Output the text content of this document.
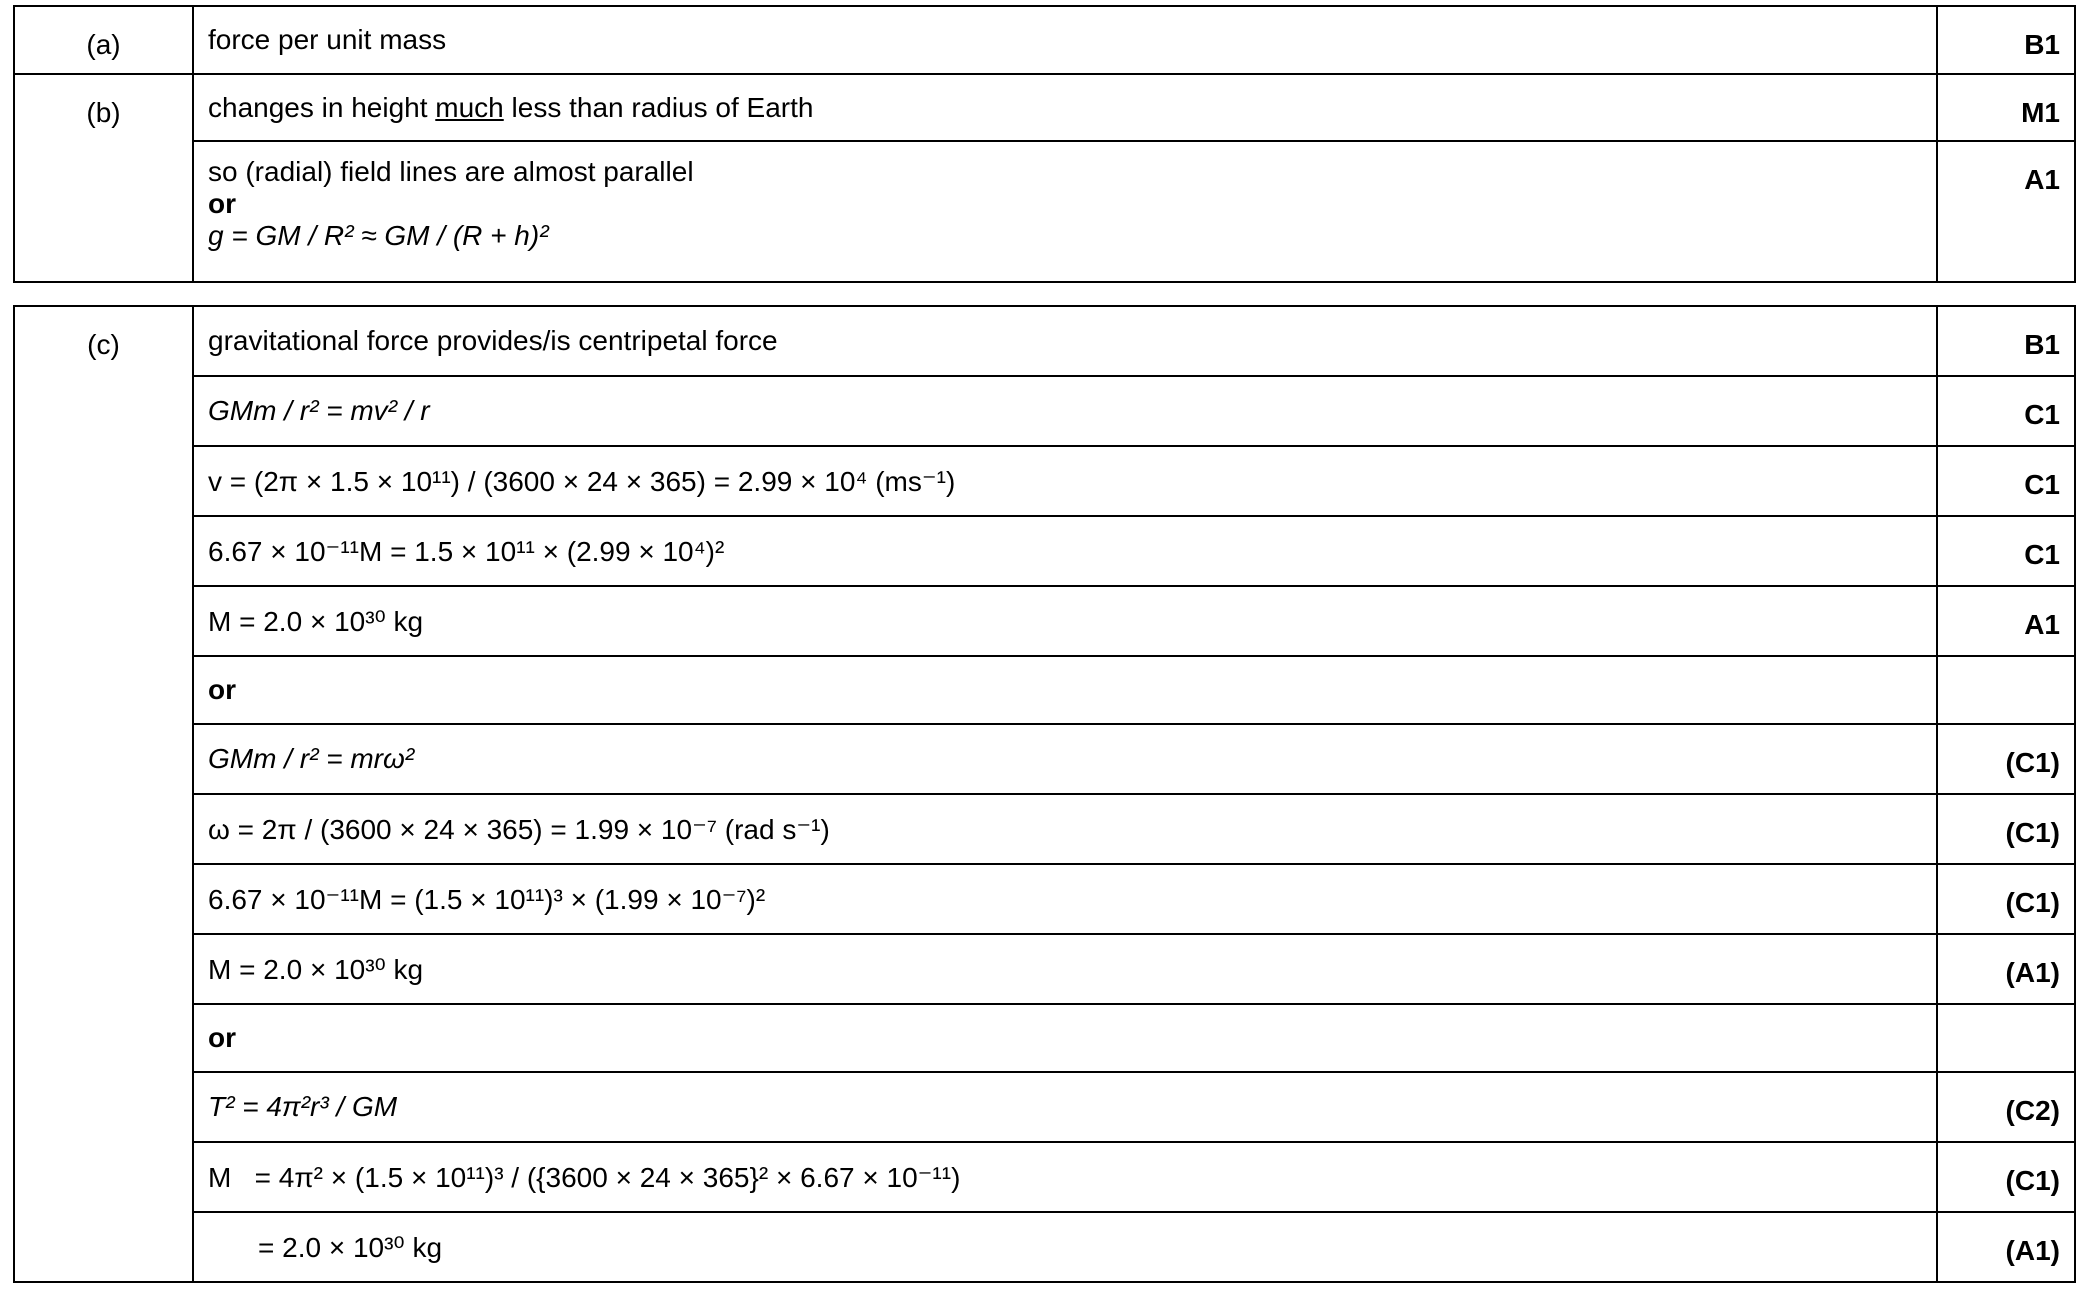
(a)	force per unit mass	B1
(b)	changes in height much less than radius of Earth	M1

	so (radial) field lines are almost parallel
or
g = GM / R² ≈ GM / (R + h)²	A1
(c)	gravitational force provides/is centripetal force	B1
	GMm / r² = mv² / r	C1
	v = (2π × 1.5 × 10¹¹) / (3600 × 24 × 365) = 2.99 × 10⁴ (ms⁻¹)	C1
	6.67 × 10⁻¹¹M = 1.5 × 10¹¹ × (2.99 × 10⁴)²	C1
	M = 2.0 × 10³⁰ kg	A1
	or	
	GMm / r² = mrω²	(C1)
	ω = 2π / (3600 × 24 × 365) = 1.99 × 10⁻⁷ (rad s⁻¹)	(C1)
	6.67 × 10⁻¹¹M = (1.5 × 10¹¹)³ × (1.99 × 10⁻⁷)²	(C1)
	M = 2.0 × 10³⁰ kg	(A1)
	or	
	T² = 4π²r³ / GM	(C2)
	M   = 4π² × (1.5 × 10¹¹)³ / ({3600 × 24 × 365}² × 6.67 × 10⁻¹¹)	(C1)
	= 2.0 × 10³⁰ kg	(A1)
